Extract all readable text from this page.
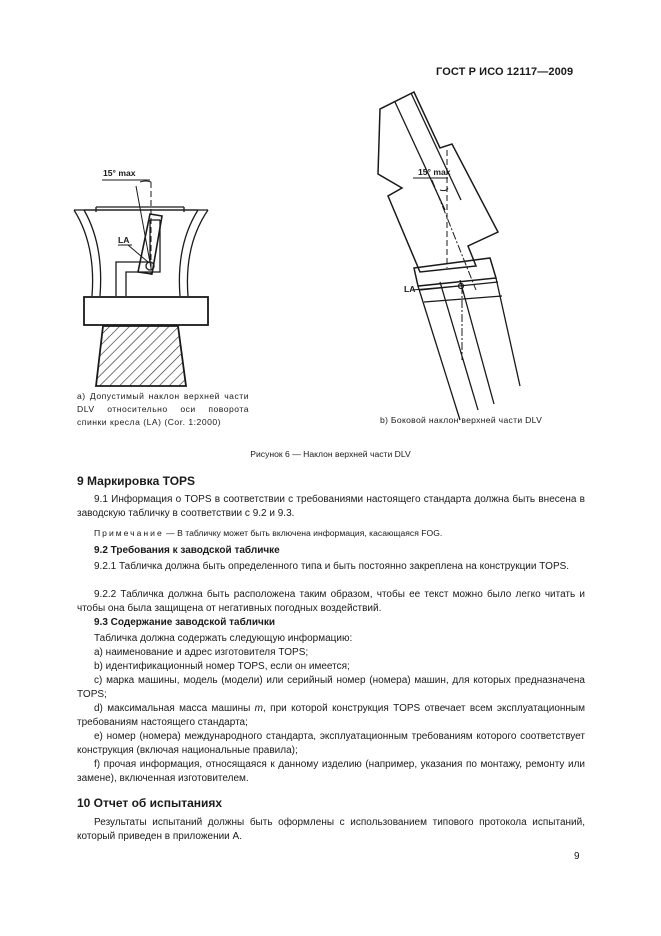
ГОСТ Р ИСО 12117—2009
15° max
LA
15° max
LA
а) Допустимый наклон верхней части DLV относительно оси поворота спинки кресла (LA) (Cor. 1:2000)	b) Боковой наклон верхней части DLV
Рисунок 6 — Наклон верхней части DLV
9 Маркировка TOPS
9.1 Информация о TOPS в соответствии с требованиями настоящего стандарта должна быть внесена в заводскую табличку в соответствии с 9.2 и 9.3.
Примечание — В табличку может быть включена информация, касающаяся FOG.
9.2 Требования к заводской табличке
9.2.1 Табличка должна быть определенного типа и быть постоянно закреплена на конструкции TOPS.
9.2.2 Табличка должна быть расположена таким образом, чтобы ее текст можно было легко читать и чтобы она была защищена от негативных погодных воздействий.
9.3 Содержание заводской таблички
Табличка должна содержать следующую информацию:
a) наименование и адрес изготовителя TOPS;
b) идентификационный номер TOPS, если он имеется;
c) марка машины, модель (модели) или серийный номер (номера) машин, для которых предназначена TOPS;
d) максимальная масса машины m, при которой конструкция TOPS отвечает всем эксплуатационным требованиям настоящего стандарта;
e) номер (номера) международного стандарта, эксплуатационным требованиям которого соответствует конструкция (включая национальные правила);
f) прочая информация, относящаяся к данному изделию (например, указания по монтажу, ремонту или замене), включенная изготовителем.
10 Отчет об испытаниях
Результаты испытаний должны быть оформлены с использованием типового протокола испытаний, который приведен в приложении А.
9
